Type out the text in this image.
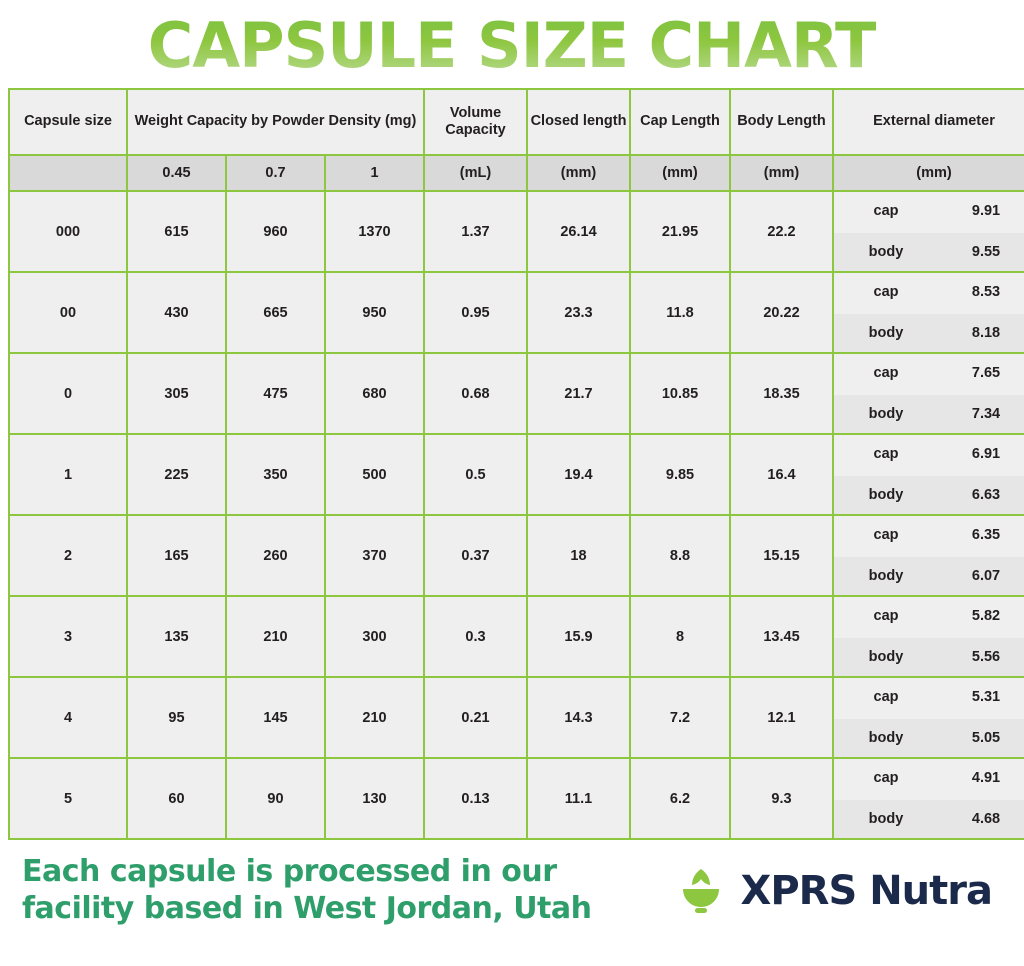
CAPSULE SIZE CHART
Capsule size	Weight Capacity by Powder Density (mg)			Volume Capacity	Closed length	Cap Length	Body Length	External diameter
	0.45	0.7	1	(mL)	(mm)	(mm)	(mm)	(mm)
000	615	960	1370	1.37	26.14	21.95	22.2	cap 9.91
body 9.55

00	430	665	950	0.95	23.3	11.8	20.22	cap 8.53
body 8.18

0	305	475	680	0.68	21.7	10.85	18.35	cap 7.65
body 7.34

1	225	350	500	0.5	19.4	9.85	16.4	cap 6.91
body 6.63

2	165	260	370	0.37	18	8.8	15.15	cap 6.35
body 6.07

3	135	210	300	0.3	15.9	8	13.45	cap 5.82
body 5.56

4	95	145	210	0.21	14.3	7.2	12.1	cap 5.31
body 5.05

5	60	90	130	0.13	11.1	6.2	9.3	cap 4.91
body 4.68
Each capsule is processed in our facility based in West Jordan, Utah	XPRS Nutra
